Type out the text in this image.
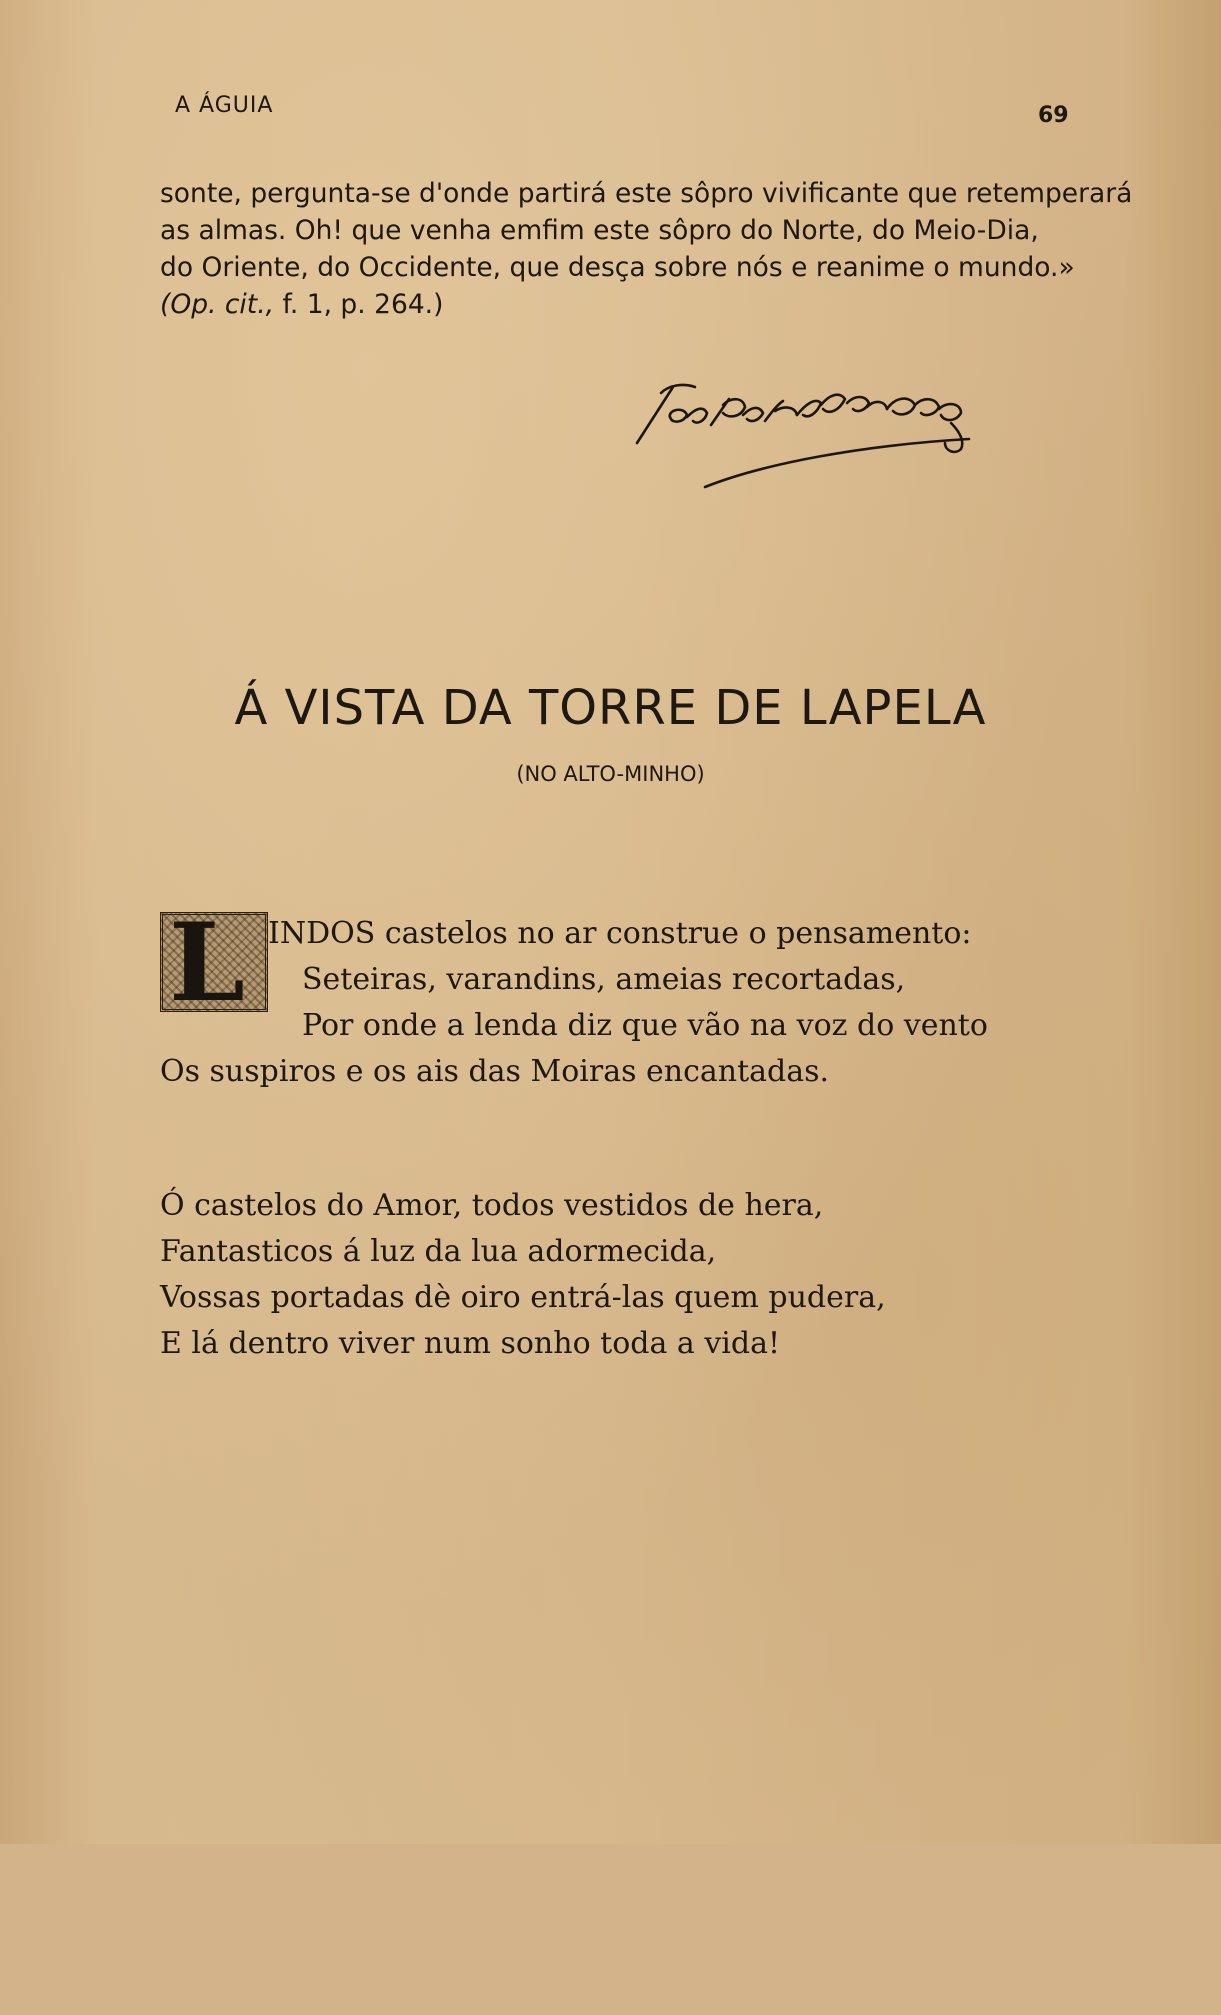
A ÁGUIA	69
sonte, pergunta-se d'onde partirá este sôpro vivificante que retemperará
as almas. Oh! que venha emfim este sôpro do Norte, do Meio-Dia,
do Oriente, do Occidente, que desça sobre nós e reanime o mundo.»
(Op. cit., f. 1, p. 264.)
Á VISTA DA TORRE DE LAPELA
(NO ALTO-MINHO)
L INDOS castelos no ar construe o pensamento:
Seteiras, varandins, ameias recortadas,
Por onde a lenda diz que vão na voz do vento
Os suspiros e os ais das Moiras encantadas.
Ó castelos do Amor, todos vestidos de hera,
Fantasticos á luz da lua adormecida,
Vossas portadas dè oiro entrá-las quem pudera,
E lá dentro viver num sonho toda a vida!
